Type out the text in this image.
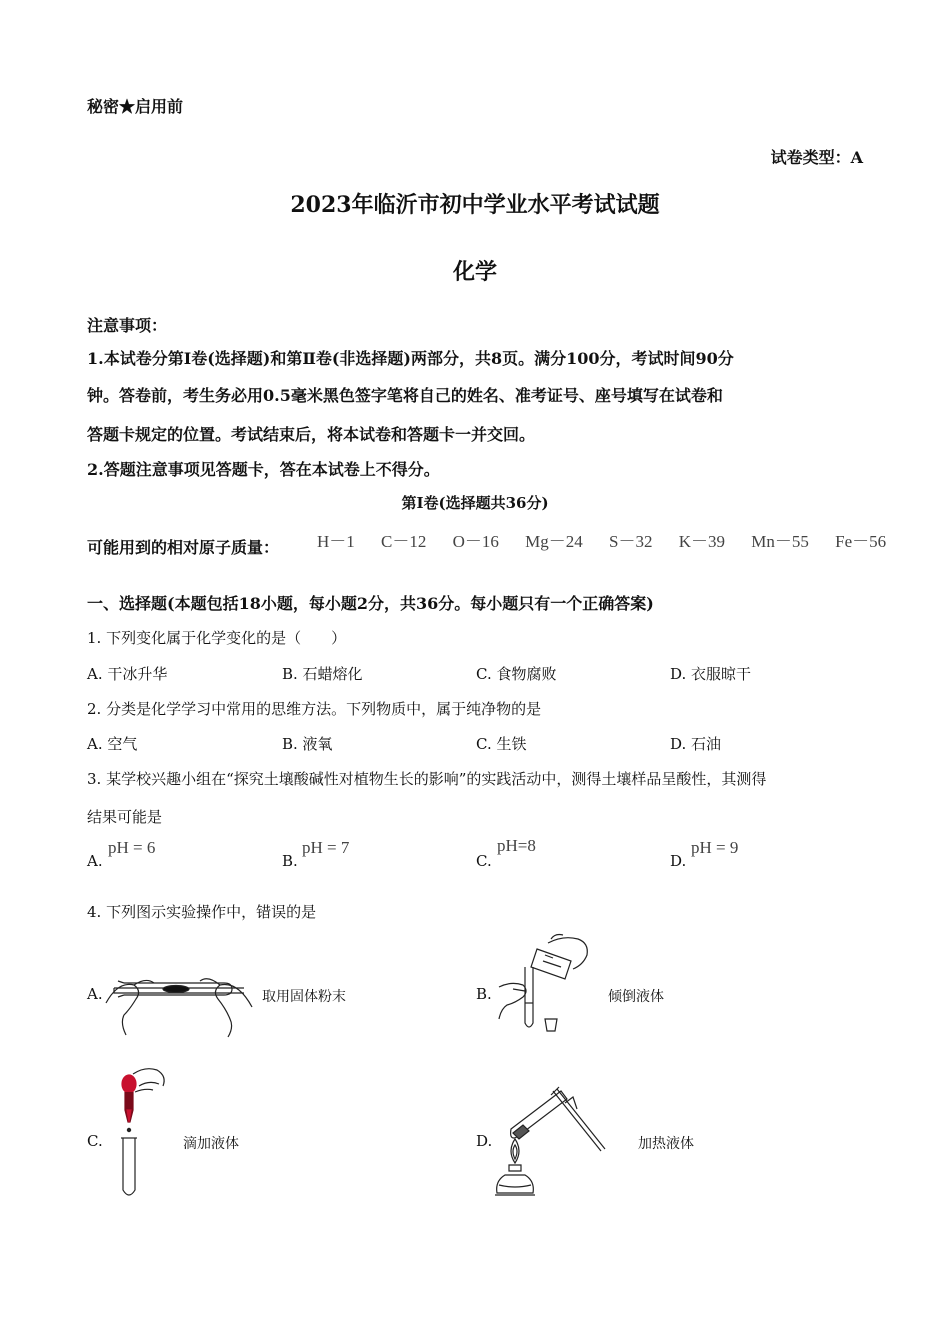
秘密★启用前
试卷类型：A
2023年临沂市初中学业水平考试试题
化学
注意事项：
1.本试卷分第Ⅰ卷(选择题)和第Ⅱ卷(非选择题)两部分，共8页。满分100分，考试时间90分
钟。答卷前，考生务必用0.5毫米黑色签字笔将自己的姓名、准考证号、座号填写在试卷和
答题卡规定的位置。考试结束后，将本试卷和答题卡一并交回。
2.答题注意事项见答题卡，答在本试卷上不得分。
第Ⅰ卷(选择题共36分)
可能用到的相对原子质量： H－1 C－12 O－16 Mg－24 S－32 K－39 Mn－55 Fe－56
一、选择题(本题包括18小题，每小题2分，共36分。每小题只有一个正确答案)
1. 下列变化属于化学变化的是（　　）
A. 干冰升华	B. 石蜡熔化	C. 食物腐败	D. 衣服晾干
2. 分类是化学学习中常用的思维方法。下列物质中，属于纯净物的是
A. 空气	B. 液氧	C. 生铁	D. 石油
3. 某学校兴趣小组在“探究土壤酸碱性对植物生长的影响”的实践活动中，测得土壤样品呈酸性，其测得
结果可能是
A.
pH = 6
B.
pH = 7
C.
pH=8
D.
pH = 9
4. 下列图示实验操作中，错误的是
A.	取用固体粉末	B.	倾倒液体
C.	滴加液体	D.	加热液体
